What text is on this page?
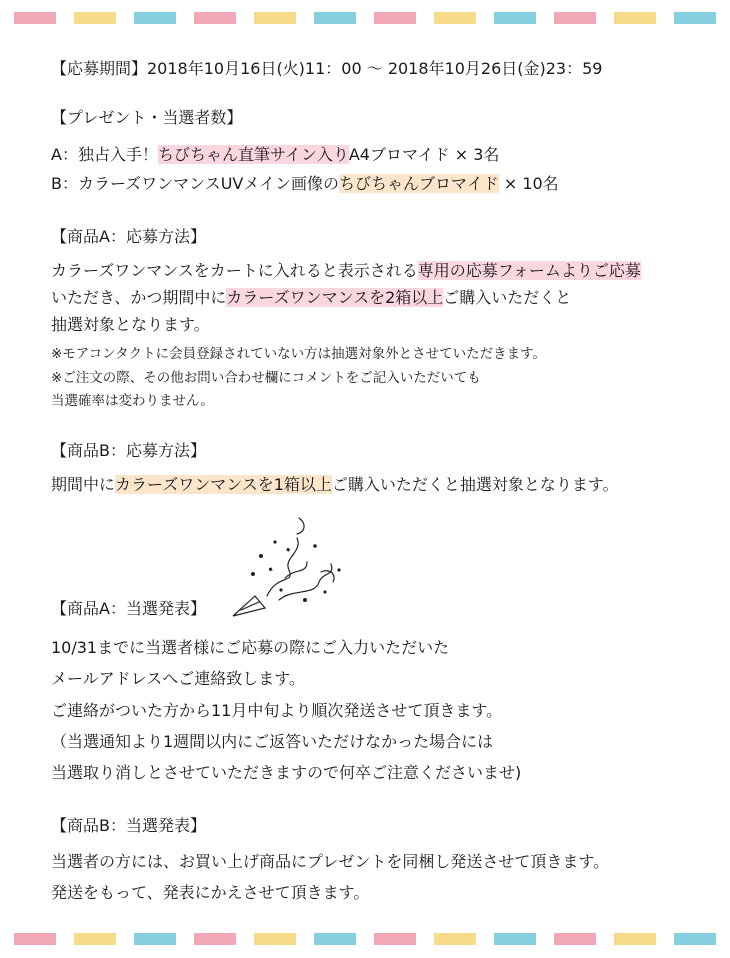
【応募期間】2018年10月16日(火)11：00 〜 2018年10月26日(金)23：59
【プレゼント・当選者数】
A：独占入手！ちびちゃん直筆サイン入りA4ブロマイド × 3名
B：カラーズワンマンスUVメイン画像のちびちゃんブロマイド × 10名
【商品A：応募方法】
カラーズワンマンスをカートに入れると表示される専用の応募フォームよりご応募
いただき、かつ期間中にカラーズワンマンスを2箱以上ご購入いただくと
抽選対象となります。
※モアコンタクトに会員登録されていない方は抽選対象外とさせていただきます。
※ご注文の際、その他お問い合わせ欄にコメントをご記入いただいても
当選確率は変わりません。
【商品B：応募方法】
期間中にカラーズワンマンスを1箱以上ご購入いただくと抽選対象となります。
【商品A：当選発表】
10/31までに当選者様にご応募の際にご入力いただいた
メールアドレスへご連絡致します。
ご連絡がついた方から11月中旬より順次発送させて頂きます。
（当選通知より1週間以内にご返答いただけなかった場合には
当選取り消しとさせていただきますので何卒ご注意くださいませ)
【商品B：当選発表】
当選者の方には、お買い上げ商品にプレゼントを同梱し発送させて頂きます。
発送をもって、発表にかえさせて頂きます。
